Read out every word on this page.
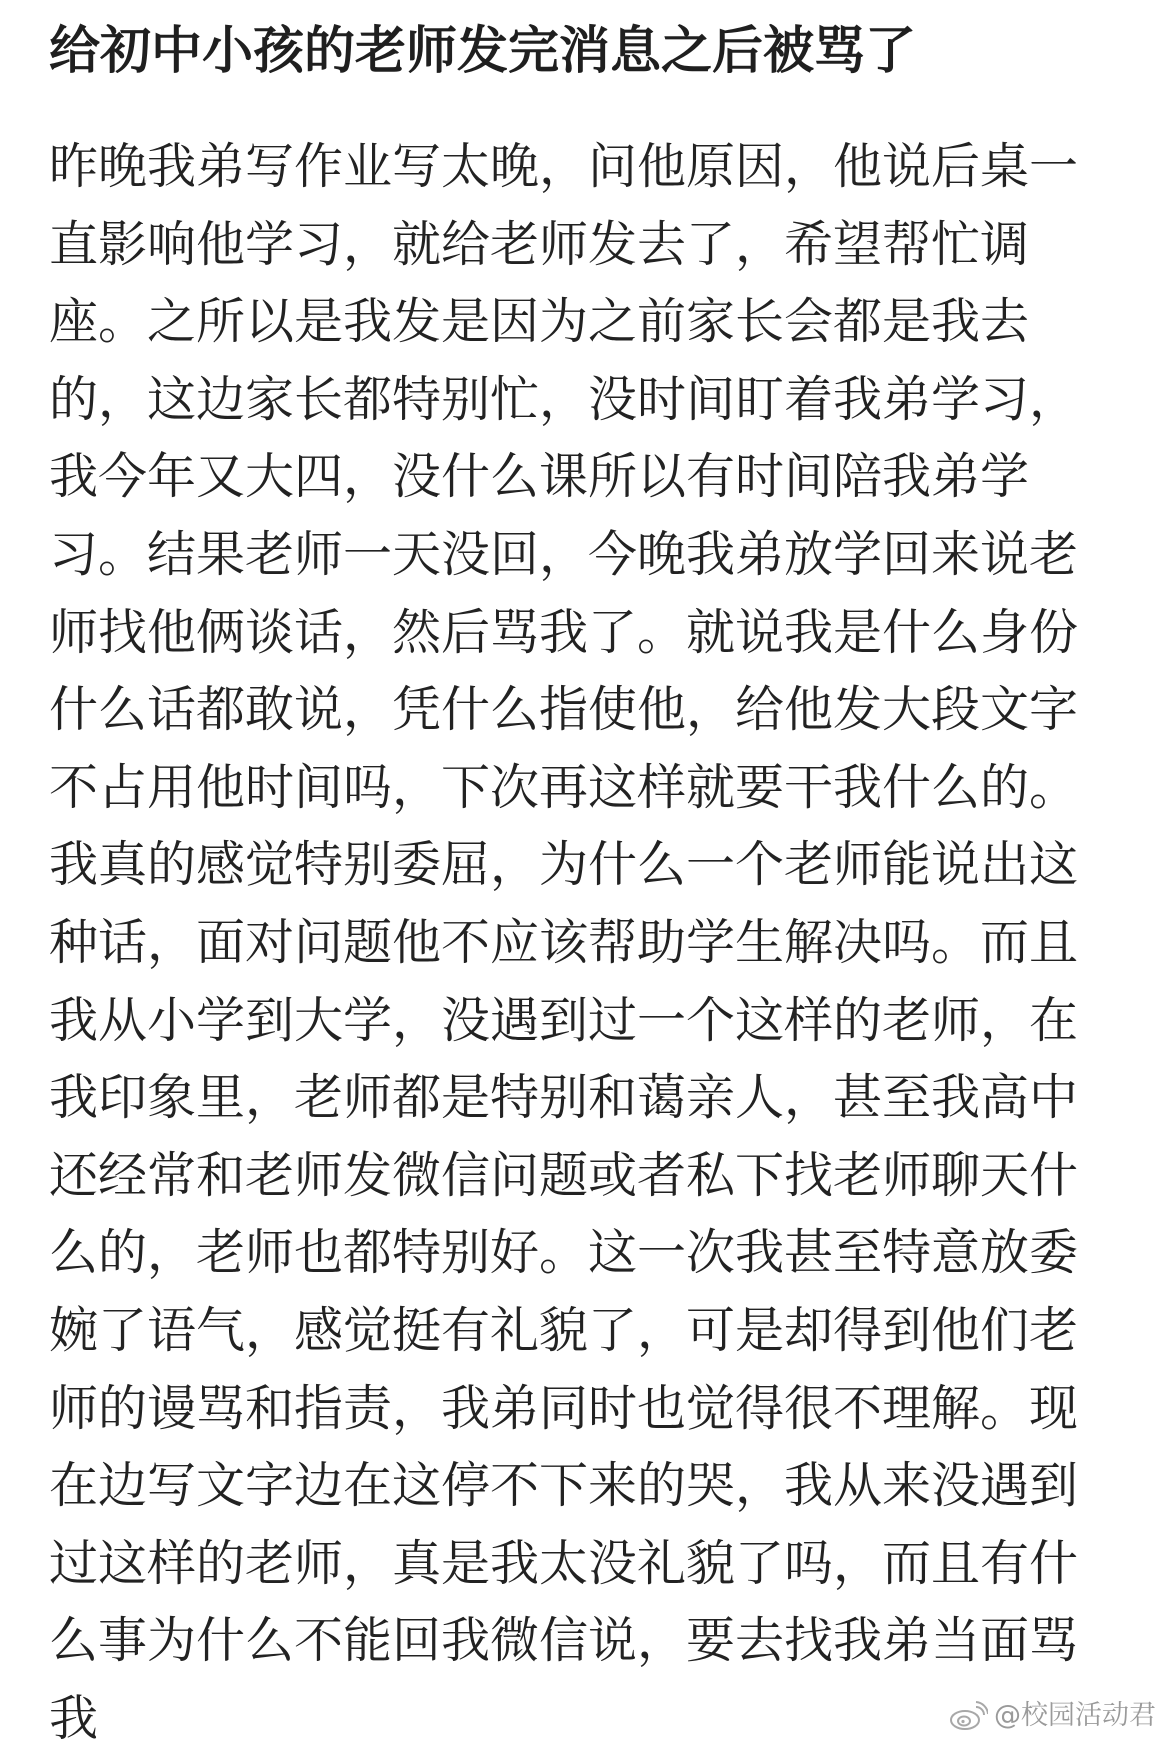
给初中小孩的老师发完消息之后被骂了
昨晚我弟写作业写太晚，问他原因，他说后桌一
直影响他学习，就给老师发去了，希望帮忙调
座。之所以是我发是因为之前家长会都是我去
的，这边家长都特别忙，没时间盯着我弟学习，
我今年又大四，没什么课所以有时间陪我弟学
习。结果老师一天没回，今晚我弟放学回来说老
师找他俩谈话，然后骂我了。就说我是什么身份
什么话都敢说，凭什么指使他，给他发大段文字
不占用他时间吗，下次再这样就要干我什么的。
我真的感觉特别委屈，为什么一个老师能说出这
种话，面对问题他不应该帮助学生解决吗。而且
我从小学到大学，没遇到过一个这样的老师，在
我印象里，老师都是特别和蔼亲人，甚至我高中
还经常和老师发微信问题或者私下找老师聊天什
么的，老师也都特别好。这一次我甚至特意放委
婉了语气，感觉挺有礼貌了，可是却得到他们老
师的谩骂和指责，我弟同时也觉得很不理解。现
在边写文字边在这停不下来的哭，我从来没遇到
过这样的老师，真是我太没礼貌了吗，而且有什
么事为什么不能回我微信说，要去找我弟当面骂
我	@校园活动君
